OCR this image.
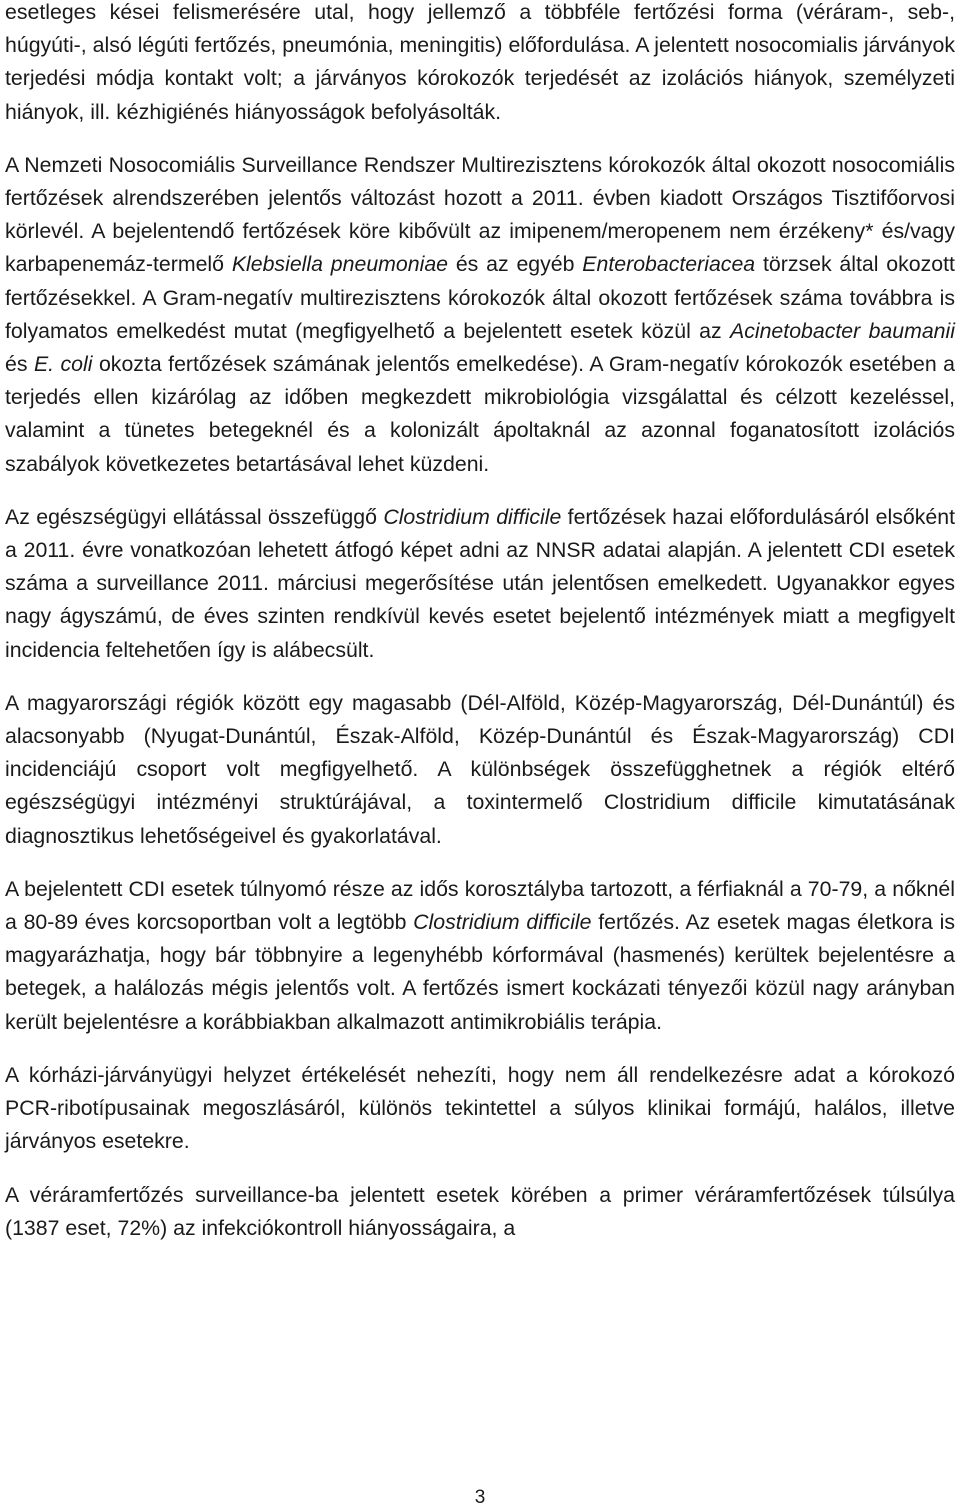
esetleges kései felismerésére utal, hogy jellemző a többféle fertőzési forma (véráram-, seb-, húgyúti-, alsó légúti fertőzés, pneumónia, meningitis) előfordulása. A jelentett nosocomialis járványok terjedési módja kontakt volt; a járványos kórokozók terjedését az izolációs hiányok, személyzeti hiányok, ill. kézhigiénés hiányosságok befolyásolták.

A Nemzeti Nosocomiális Surveillance Rendszer Multirezisztens kórokozók által okozott nosocomiális fertőzések alrendszerében jelentős változást hozott a 2011. évben kiadott Országos Tisztifőorvosi körlevél. A bejelentendő fertőzések köre kibővült az imipenem/meropenem nem érzékeny* és/vagy karbapenemáz-termelő Klebsiella pneumoniae és az egyéb Enterobacteriacea törzsek által okozott fertőzésekkel. A Gram-negatív multirezisztens kórokozók által okozott fertőzések száma továbbra is folyamatos emelkedést mutat (megfigyelhető a bejelentett esetek közül az Acinetobacter baumanii és E. coli okozta fertőzések számának jelentős emelkedése). A Gram-negatív kórokozók esetében a terjedés ellen kizárólag az időben megkezdett mikrobiológia vizsgálattal és célzott kezeléssel, valamint a tünetes betegeknél és a kolonizált ápoltaknál az azonnal foganatosított izolációs szabályok következetes betartásával lehet küzdeni.

Az egészségügyi ellátással összefüggő Clostridium difficile fertőzések hazai előfordulásáról elsőként a 2011. évre vonatkozóan lehetett átfogó képet adni az NNSR adatai alapján. A jelentett CDI esetek száma a surveillance 2011. márciusi megerősítése után jelentősen emelkedett. Ugyanakkor egyes nagy ágyszámú, de éves szinten rendkívül kevés esetet bejelentő intézmények miatt a megfigyelt incidencia feltehetően így is alábecsült.

A magyarországi régiók között egy magasabb (Dél-Alföld, Közép-Magyarország, Dél-Dunántúl) és alacsonyabb (Nyugat-Dunántúl, Észak-Alföld, Közép-Dunántúl és Észak-Magyarország) CDI incidenciájú csoport volt megfigyelhető. A különbségek összefügghetnek a régiók eltérő egészségügyi intézményi struktúrájával, a toxintermelő Clostridium difficile kimutatásának diagnosztikus lehetőségeivel és gyakorlatával.

A bejelentett CDI esetek túlnyomó része az idős korosztályba tartozott, a férfiaknál a 70-79, a nőknél a 80-89 éves korcsoportban volt a legtöbb Clostridium difficile fertőzés. Az esetek magas életkora is magyarázhatja, hogy bár többnyire a legenyhébb kórformával (hasmenés) kerültek bejelentésre a betegek, a halálozás mégis jelentős volt. A fertőzés ismert kockázati tényezői közül nagy arányban került bejelentésre a korábbiakban alkalmazott antimikrobiális terápia.

A kórházi-járványügyi helyzet értékelését nehezíti, hogy nem áll rendelkezésre adat a kórokozó PCR-ribotípusainak megoszlásáról, különös tekintettel a súlyos klinikai formájú, halálos, illetve járványos esetekre.

A véráramfertőzés surveillance-ba jelentett esetek körében a primer véráramfertőzések túlsúlya (1387 eset, 72%) az infekciókontroll hiányosságaira, a

3
